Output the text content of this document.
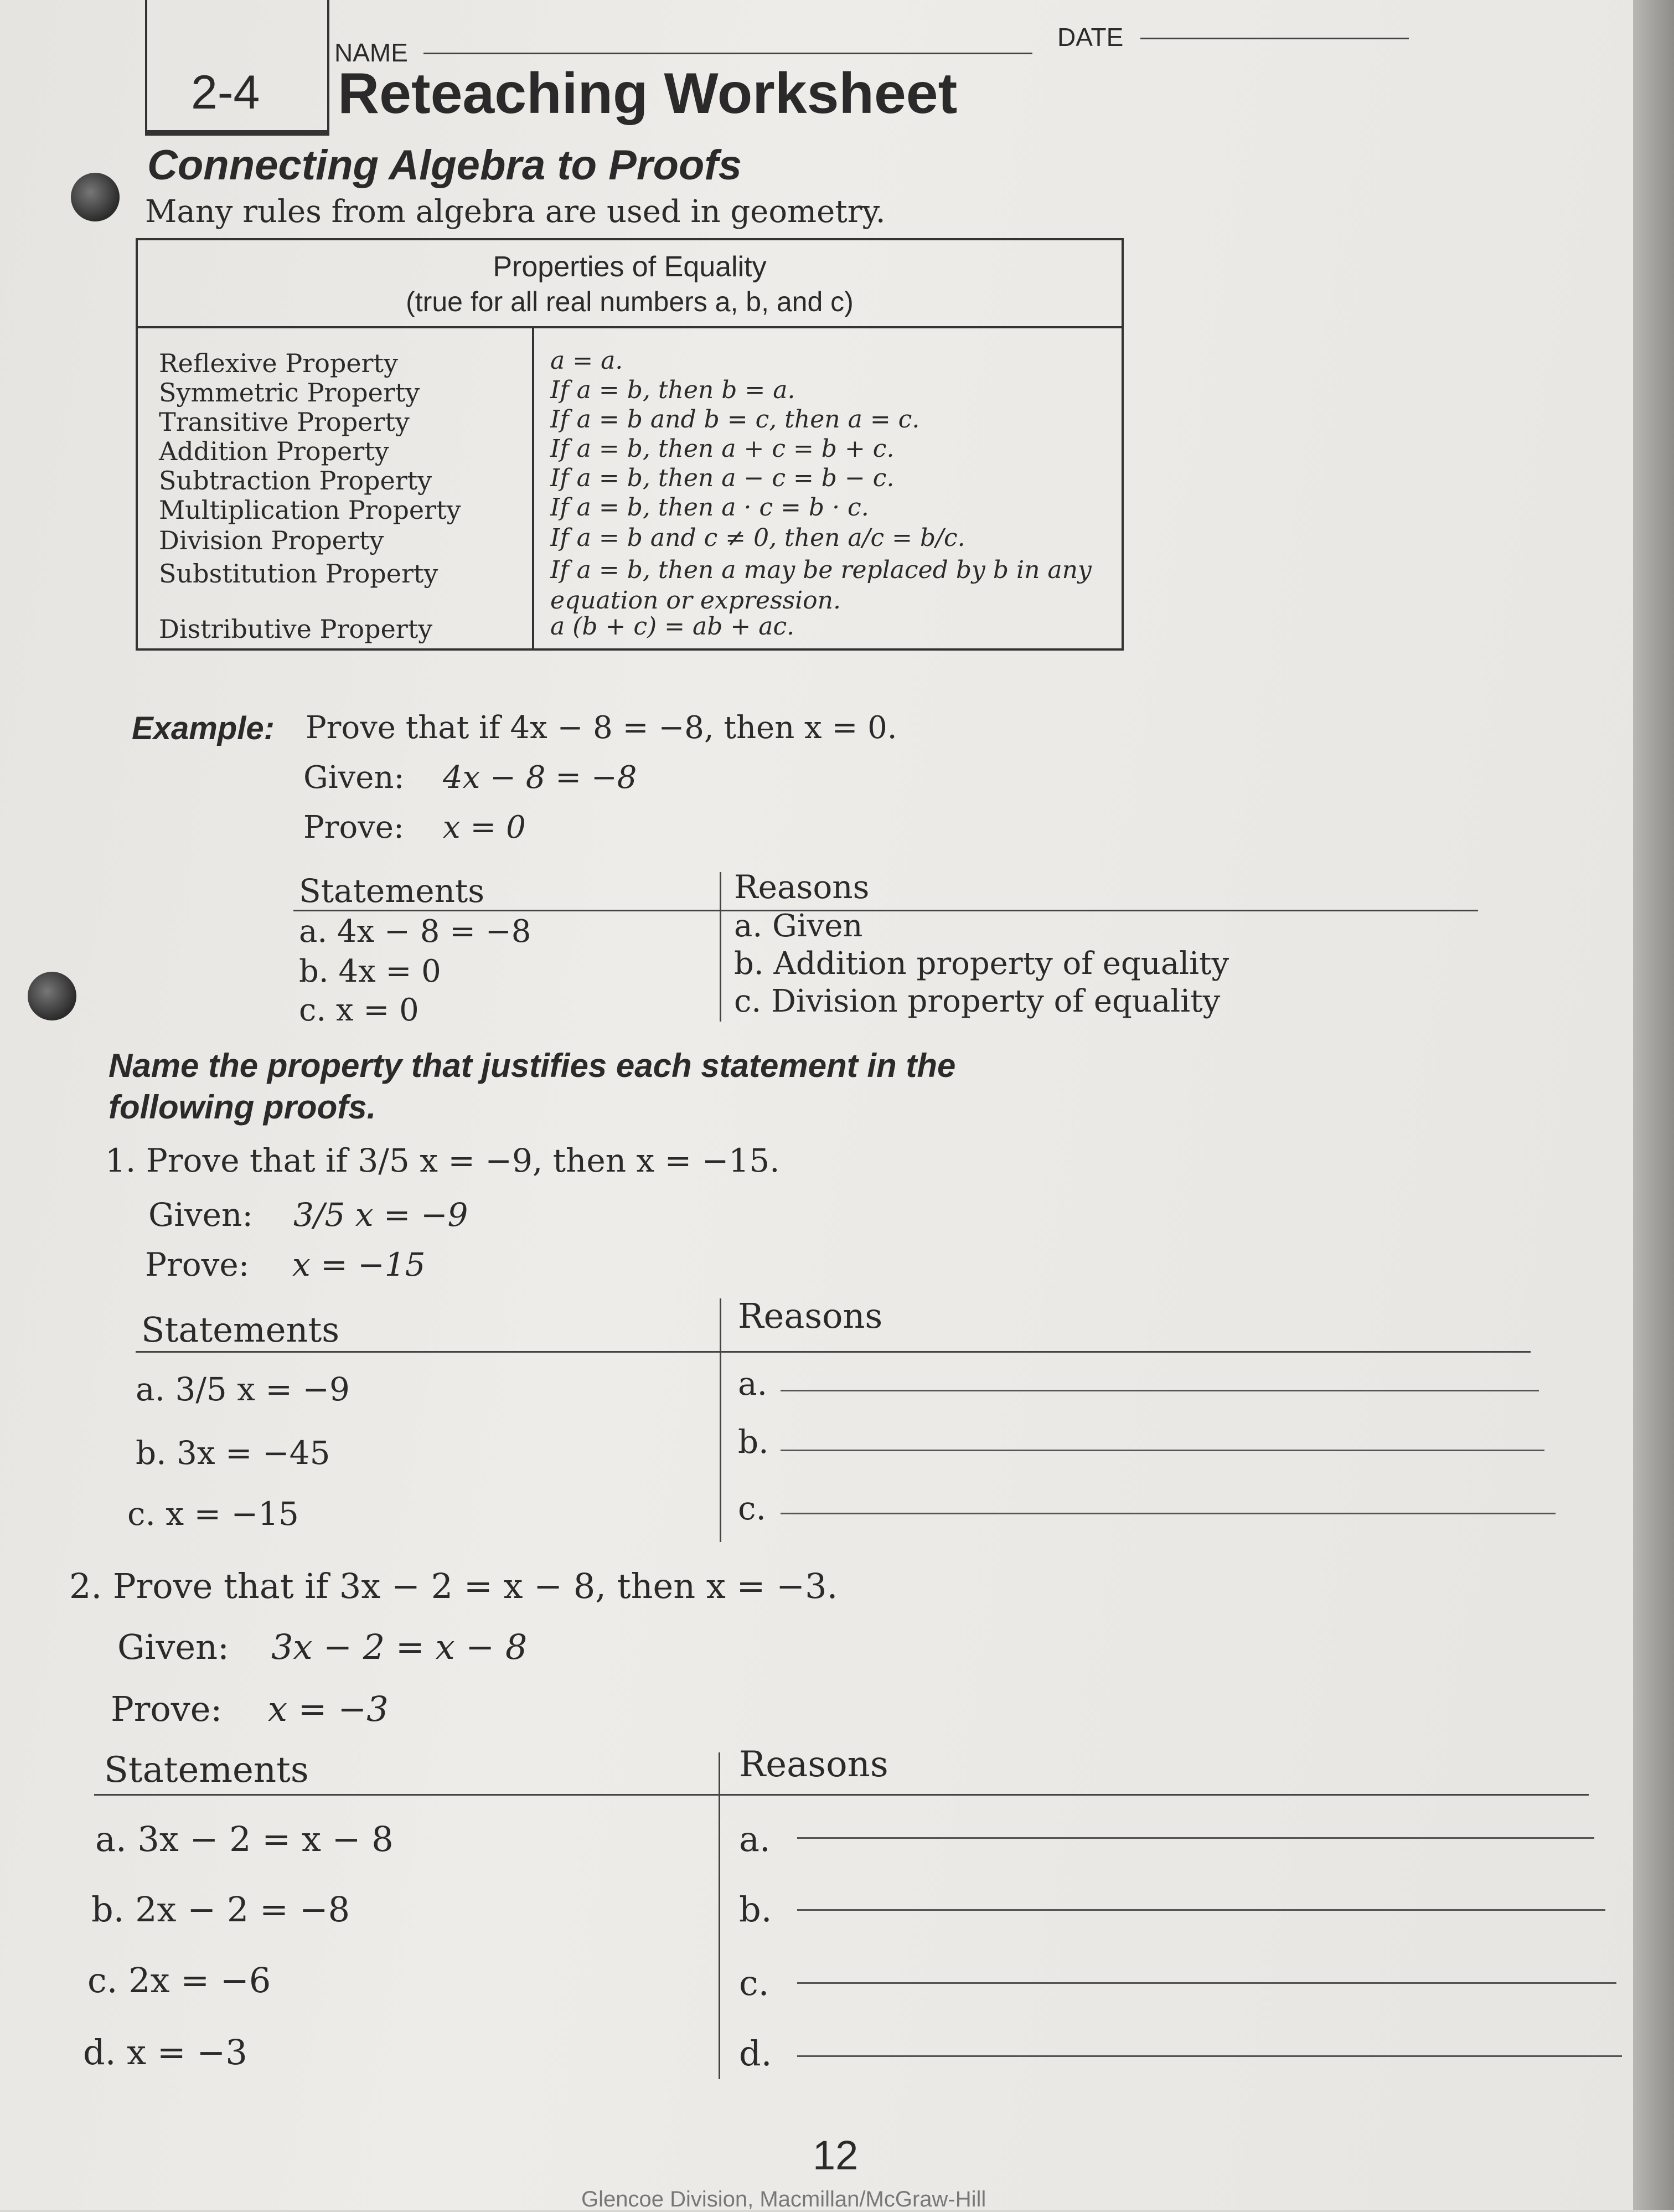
2-4
NAME
DATE
Reteaching Worksheet
Connecting Algebra to Proofs
Many rules from algebra are used in geometry.
Properties of Equality
(true for all real numbers a, b, and c)
Reflexive Property	a = a.
Symmetric Property	If a = b, then b = a.
Transitive Property	If a = b and b = c, then a = c.
Addition Property	If a = b, then a + c = b + c.
Subtraction Property	If a = b, then a − c = b − c.
Multiplication Property	If a = b, then a · c = b · c.
Division Property	If a = b and c ≠ 0, then a/c = b/c.
Substitution Property	If a = b, then a may be replaced by b in any
equation or expression.
Distributive Property	a (b + c) = ab + ac.
Example: Prove that if 4x − 8 = −8, then x = 0.
Given: 4x − 8 = −8
Prove: x = 0
Statements	Reasons
a. 4x − 8 = −8	a. Given
b. 4x = 0	b. Addition property of equality
c. x = 0	c. Division property of equality
Name the property that justifies each statement in the
following proofs.
1. Prove that if 3/5 x = −9, then x = −15.
Given: 3/5 x = −9
Prove: x = −15
Statements	Reasons
a. 3/5 x = −9	a.
b. 3x = −45	b.
c. x = −15	c.
2. Prove that if 3x − 2 = x − 8, then x = −3.
Given: 3x − 2 = x − 8
Prove: x = −3
Statements	Reasons
a. 3x − 2 = x − 8	a.
b. 2x − 2 = −8	b.
c. 2x = −6	c.
d. x = −3	d.
12
Glencoe Division, Macmillan/McGraw-Hill
